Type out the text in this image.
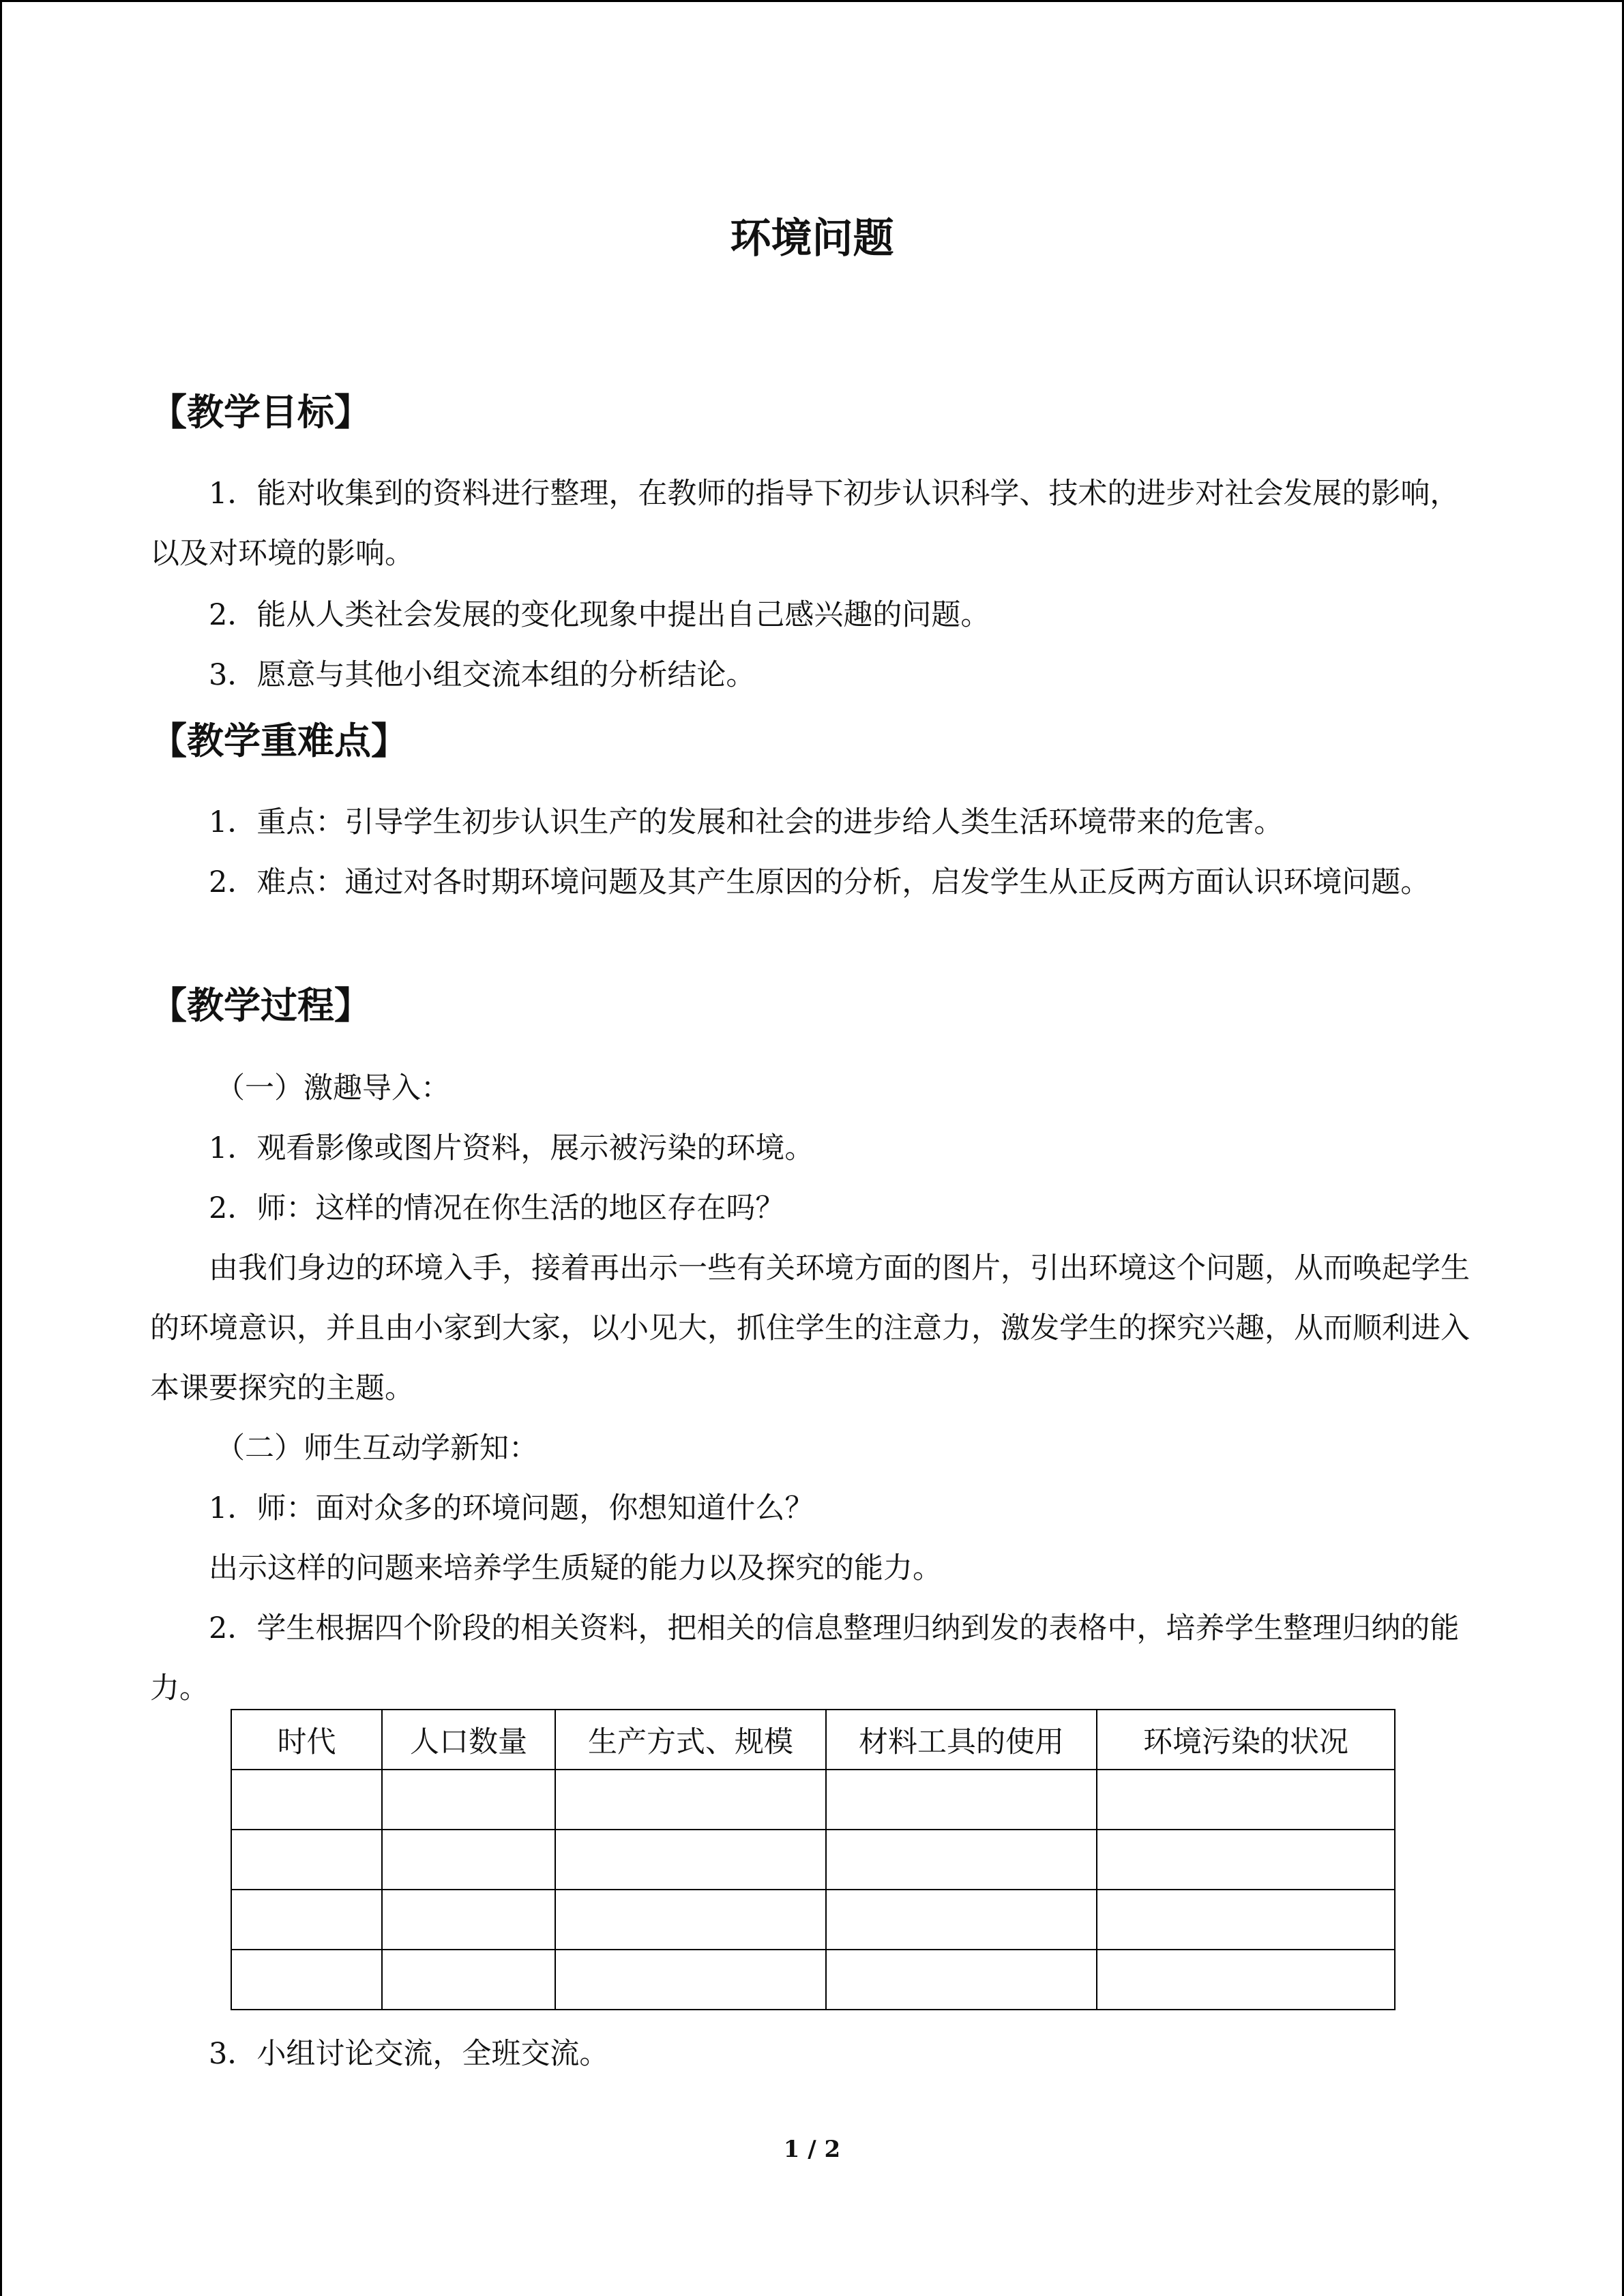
环境问题
【教学目标】
1．能对收集到的资料进行整理，在教师的指导下初步认识科学、技术的进步对社会发展的影响，以及对环境的影响。
2．能从人类社会发展的变化现象中提出自己感兴趣的问题。
3．愿意与其他小组交流本组的分析结论。
【教学重难点】
1．重点：引导学生初步认识生产的发展和社会的进步给人类生活环境带来的危害。
2．难点：通过对各时期环境问题及其产生原因的分析，启发学生从正反两方面认识环境问题。
【教学过程】
（一）激趣导入：
1．观看影像或图片资料，展示被污染的环境。
2．师：这样的情况在你生活的地区存在吗？
由我们身边的环境入手，接着再出示一些有关环境方面的图片，引出环境这个问题，从而唤起学生的环境意识，并且由小家到大家，以小见大，抓住学生的注意力，激发学生的探究兴趣，从而顺利进入本课要探究的主题。
（二）师生互动学新知：
1．师：面对众多的环境问题，你想知道什么？
出示这样的问题来培养学生质疑的能力以及探究的能力。
2．学生根据四个阶段的相关资料，把相关的信息整理归纳到发的表格中，培养学生整理归纳的能力。
时代	人口数量	生产方式、规模	材料工具的使用	环境污染的状况

3．小组讨论交流，全班交流。
1 / 2
